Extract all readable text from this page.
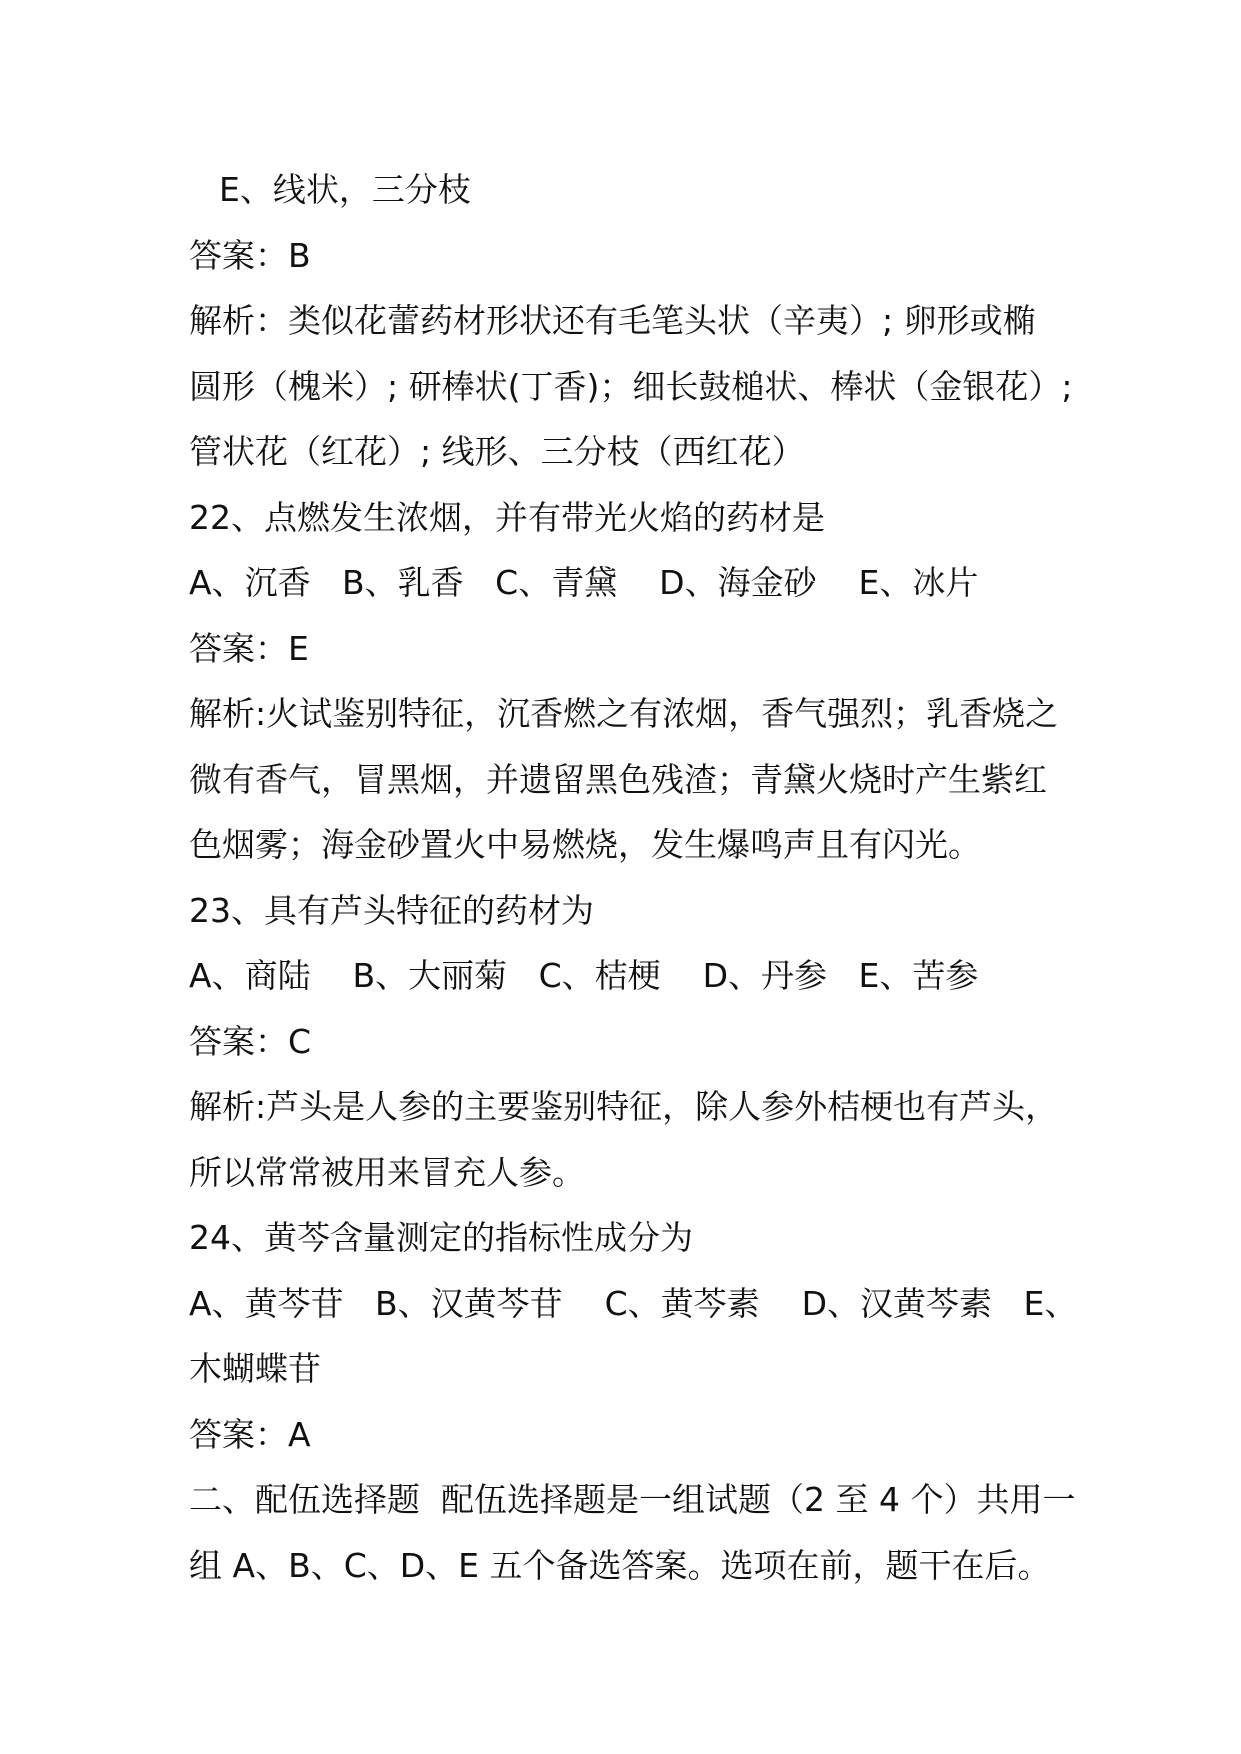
E、线状，三分枝
答案：B
解析：类似花蕾药材形状还有毛笔头状（辛夷）; 卵形或椭
圆形（槐米）; 研棒状(丁香)；细长鼓槌状、棒状（金银花）;
管状花（红花）; 线形、三分枝（西红花）
22、点燃发生浓烟，并有带光火焰的药材是
A、沉香   B、乳香   C、青黛    D、海金砂    E、冰片
答案：E
解析:火试鉴别特征，沉香燃之有浓烟，香气强烈；乳香烧之
微有香气，冒黑烟，并遗留黑色残渣；青黛火烧时产生紫红
色烟雾；海金砂置火中易燃烧，发生爆鸣声且有闪光。
23、具有芦头特征的药材为
A、商陆    B、大丽菊   C、桔梗    D、丹参   E、苦参
答案：C
解析:芦头是人参的主要鉴别特征，除人参外桔梗也有芦头，
所以常常被用来冒充人参。
24、黄芩含量测定的指标性成分为
A、黄芩苷   B、汉黄芩苷    C、黄芩素    D、汉黄芩素   E、
木蝴蝶苷
答案：A
二、配伍选择题  配伍选择题是一组试题（2 至 4 个）共用一
组 A、B、C、D、E 五个备选答案。选项在前，题干在后。
